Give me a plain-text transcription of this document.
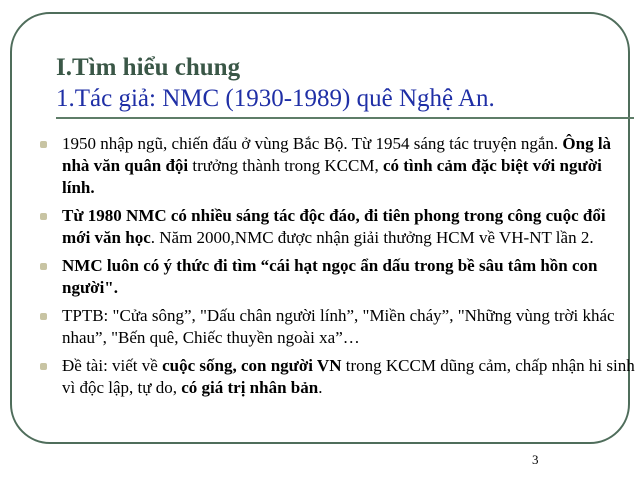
I.Tìm hiểu chung
1.Tác giả: NMC (1930-1989) quê Nghệ An.
1950 nhập ngũ, chiến đấu ở vùng Bắc Bộ. Từ 1954 sáng tác truyện ngắn. Ông là nhà văn quân đội trưởng thành trong KCCM, có tình cảm đặc biệt với người lính.
Từ 1980 NMC có nhiều sáng tác độc đáo, đi tiên phong trong công cuộc đổi mới văn học. Năm 2000,NMC được nhận giải thưởng HCM về VH-NT lần 2.
NMC luôn có ý thức đi tìm “cái hạt ngọc ẩn dấu trong bề sâu tâm hồn con người".
TPTB: "Cửa sông”, "Dấu chân người lính”, "Miền cháy”, "Những vùng trời khác nhau”, "Bến quê, Chiếc thuyền ngoài xa”…
Đề tài: viết về cuộc sống, con người VN trong KCCM dũng cảm, chấp nhận hi sinh vì độc lập, tự do, có giá trị nhân bản.
3
